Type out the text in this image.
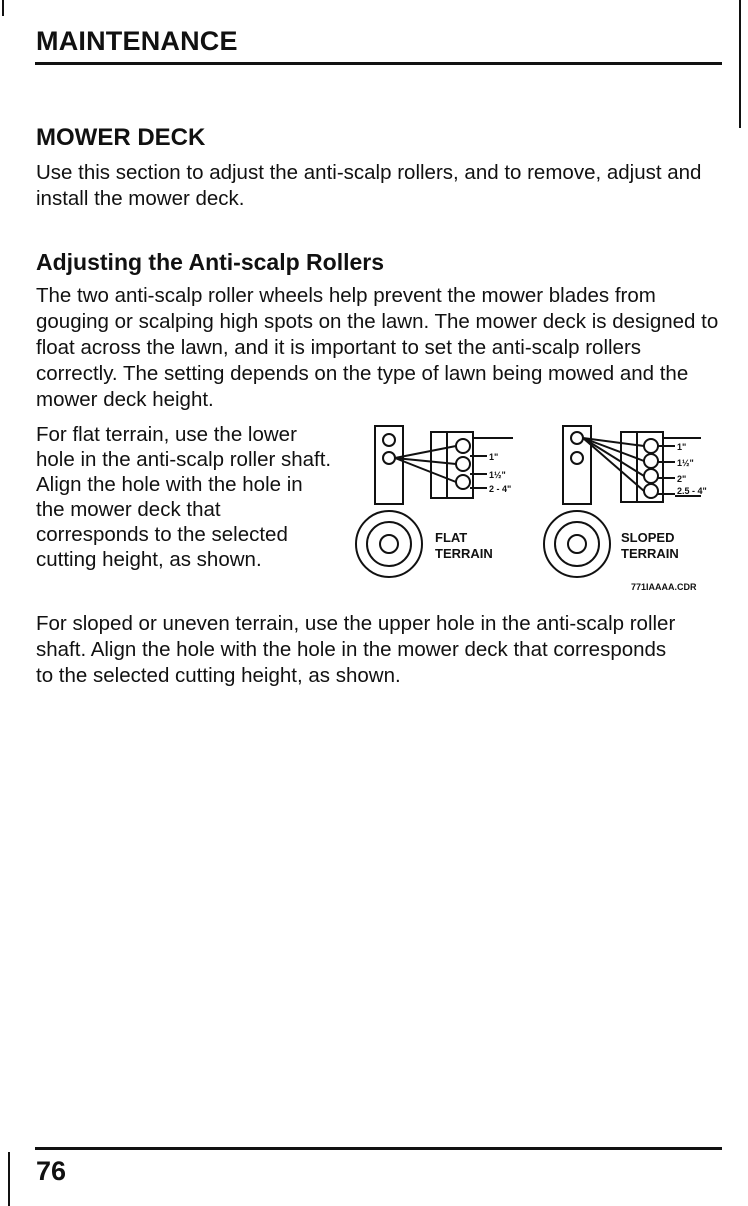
MAINTENANCE
MOWER DECK

Use this section to adjust the anti-scalp rollers, and to remove, adjust and install the mower deck.

Adjusting the Anti-scalp Rollers

The two anti-scalp roller wheels help prevent the mower blades from gouging or scalping high spots on the lawn. The mower deck is designed to float across the lawn, and it is important to set the anti-scalp rollers correctly. The setting depends on the type of lawn being mowed and the mower deck height.

For flat terrain, use the lower hole in the anti-scalp roller shaft. Align the hole with the hole in the mower deck that corresponds to the selected cutting height, as shown.

1"
1½"
2 - 4"
FLAT
TERRAIN
1"
1½"
2"
2.5 - 4"
SLOPED
TERRAIN
771IAAAA.CDR

For sloped or uneven terrain, use the upper hole in the anti-scalp roller shaft. Align the hole with the hole in the mower deck that corresponds to the selected cutting height, as shown.

76
